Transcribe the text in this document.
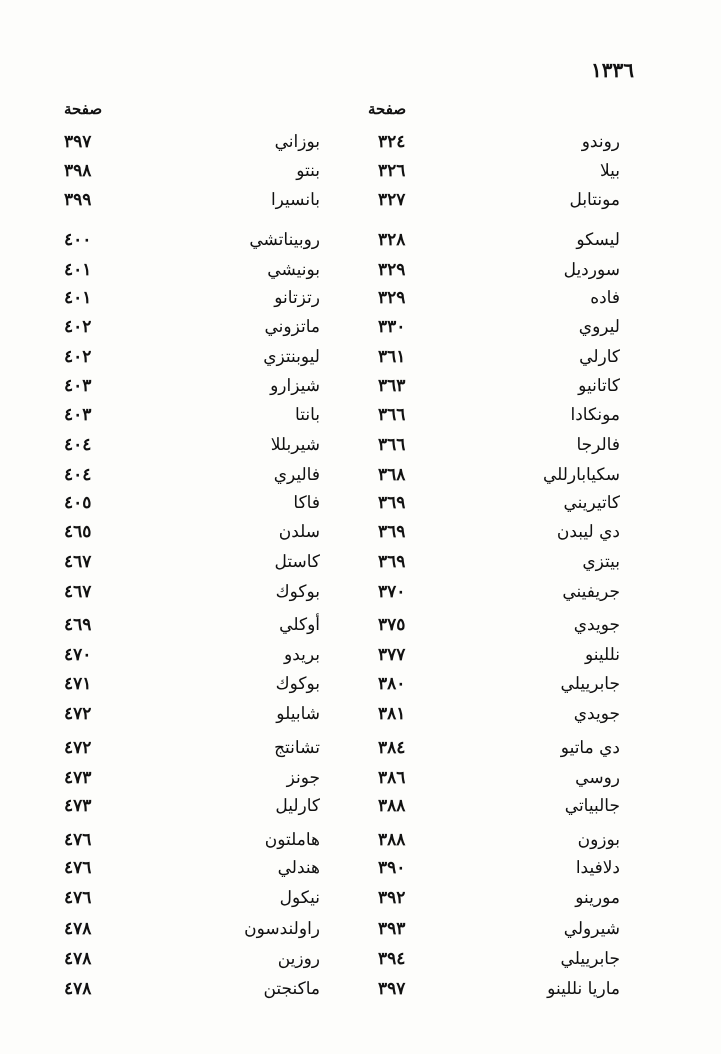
١٣٣٦
صفحة	صفحة
روندو
٣٢٤
بوزاني
٣٩٧
بيلا
٣٢٦
بنتو
٣٩٨
مونتابل
٣٢٧
بانسيرا
٣٩٩
ليسكو
٣٢٨
روبيناتشي
٤٠٠
سورديل
٣٢٩
بونيشي
٤٠١
فاده
٣٢٩
رتزتانو
٤٠١
ليروي
٣٣٠
ماتزوني
٤٠٢
كارلي
٣٦١
ليوبنتزي
٤٠٢
كاتانيو
٣٦٣
شيزارو
٤٠٣
مونكادا
٣٦٦
بانتا
٤٠٣
فالرجا
٣٦٦
شيربللا
٤٠٤
سكيابارللي
٣٦٨
فاليري
٤٠٤
كاتيريني
٣٦٩
فاكا
٤٠٥
دي ليبدن
٣٦٩
سلدن
٤٦٥
بيتزي
٣٦٩
كاستل
٤٦٧
جريفيني
٣٧٠
بوكوك
٤٦٧
جويدي
٣٧٥
أوكلي
٤٦٩
نللينو
٣٧٧
بريدو
٤٧٠
جابرييلي
٣٨٠
بوكوك
٤٧١
جويدي
٣٨١
شابيلو
٤٧٢
دي ماتيو
٣٨٤
تشانتج
٤٧٢
روسي
٣٨٦
جونز
٤٧٣
جالبياتي
٣٨٨
كارليل
٤٧٣
بوزون
٣٨٨
هاملتون
٤٧٦
دلافيدا
٣٩٠
هندلي
٤٧٦
مورينو
٣٩٢
نيكول
٤٧٦
شيرولي
٣٩٣
راولندسون
٤٧٨
جابرييلي
٣٩٤
روزين
٤٧٨
ماريا نللينو
٣٩٧
ماكنجتن
٤٧٨
